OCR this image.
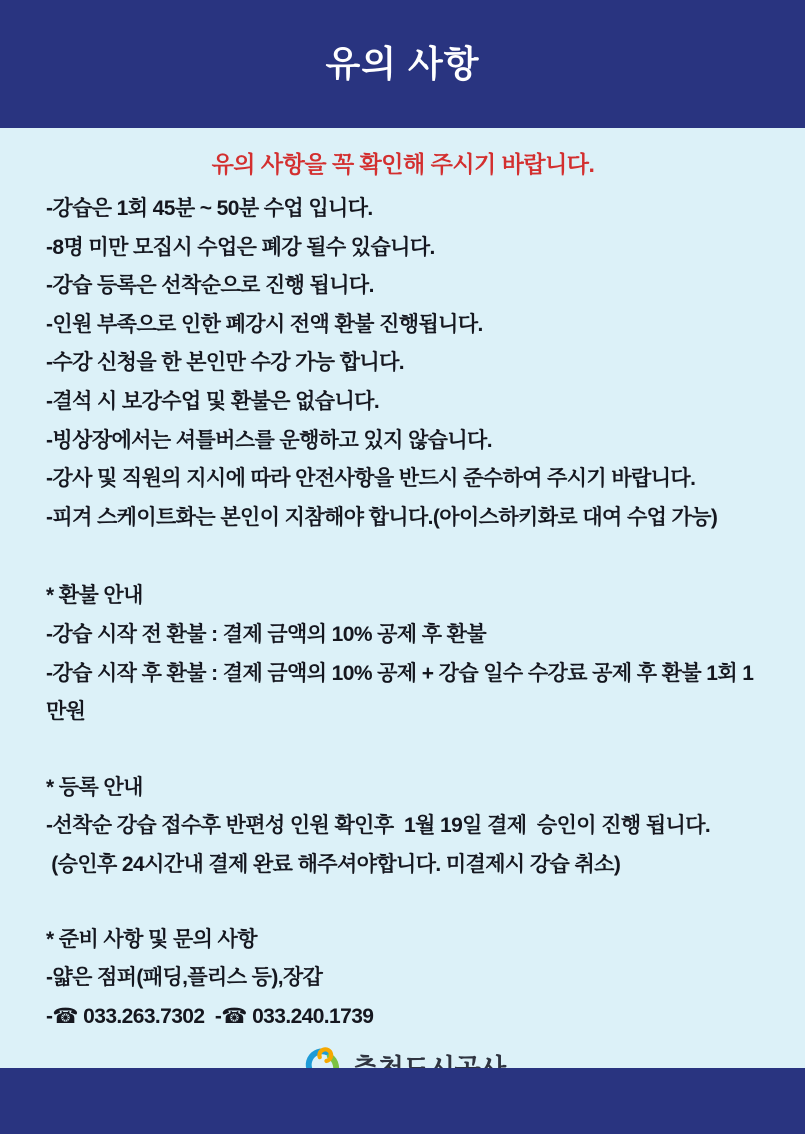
유의 사항

유의 사항을 꼭 확인해 주시기 바랍니다.

-강습은 1회 45분 ~ 50분 수업 입니다.

-8명 미만 모집시 수업은 폐강 될수 있습니다.

-강습 등록은 선착순으로 진행 됩니다.

-인원 부족으로 인한 폐강시 전액 환불 진행됩니다.

-수강 신청을 한 본인만 수강 가능 합니다.

-결석 시 보강수업 및 환불은 없습니다.

-빙상장에서는 셔틀버스를 운행하고 있지 않습니다.

-강사 및 직원의 지시에 따라 안전사항을 반드시 준수하여 주시기 바랍니다.

-피겨 스케이트화는 본인이 지참해야 합니다.(아이스하키화로 대여 수업 가능)

* 환불 안내

-강습 시작 전 환불 : 결제 금액의 10% 공제 후 환불

-강습 시작 후 환불 : 결제 금액의 10% 공제 + 강습 일수 수강료 공제 후 환불 1회 1만원

* 등록 안내

-선착순 강습 접수후 반편성 인원 확인후  1월 19일 결제  승인이 진행 됩니다.

(승인후 24시간내 결제 완료 해주셔야합니다. 미결제시 강습 취소)

* 준비 사항 및 문의 사항

-얇은 점퍼(패딩,플리스 등),장갑

-☎ 033.263.7302  -☎ 033.240.1739
